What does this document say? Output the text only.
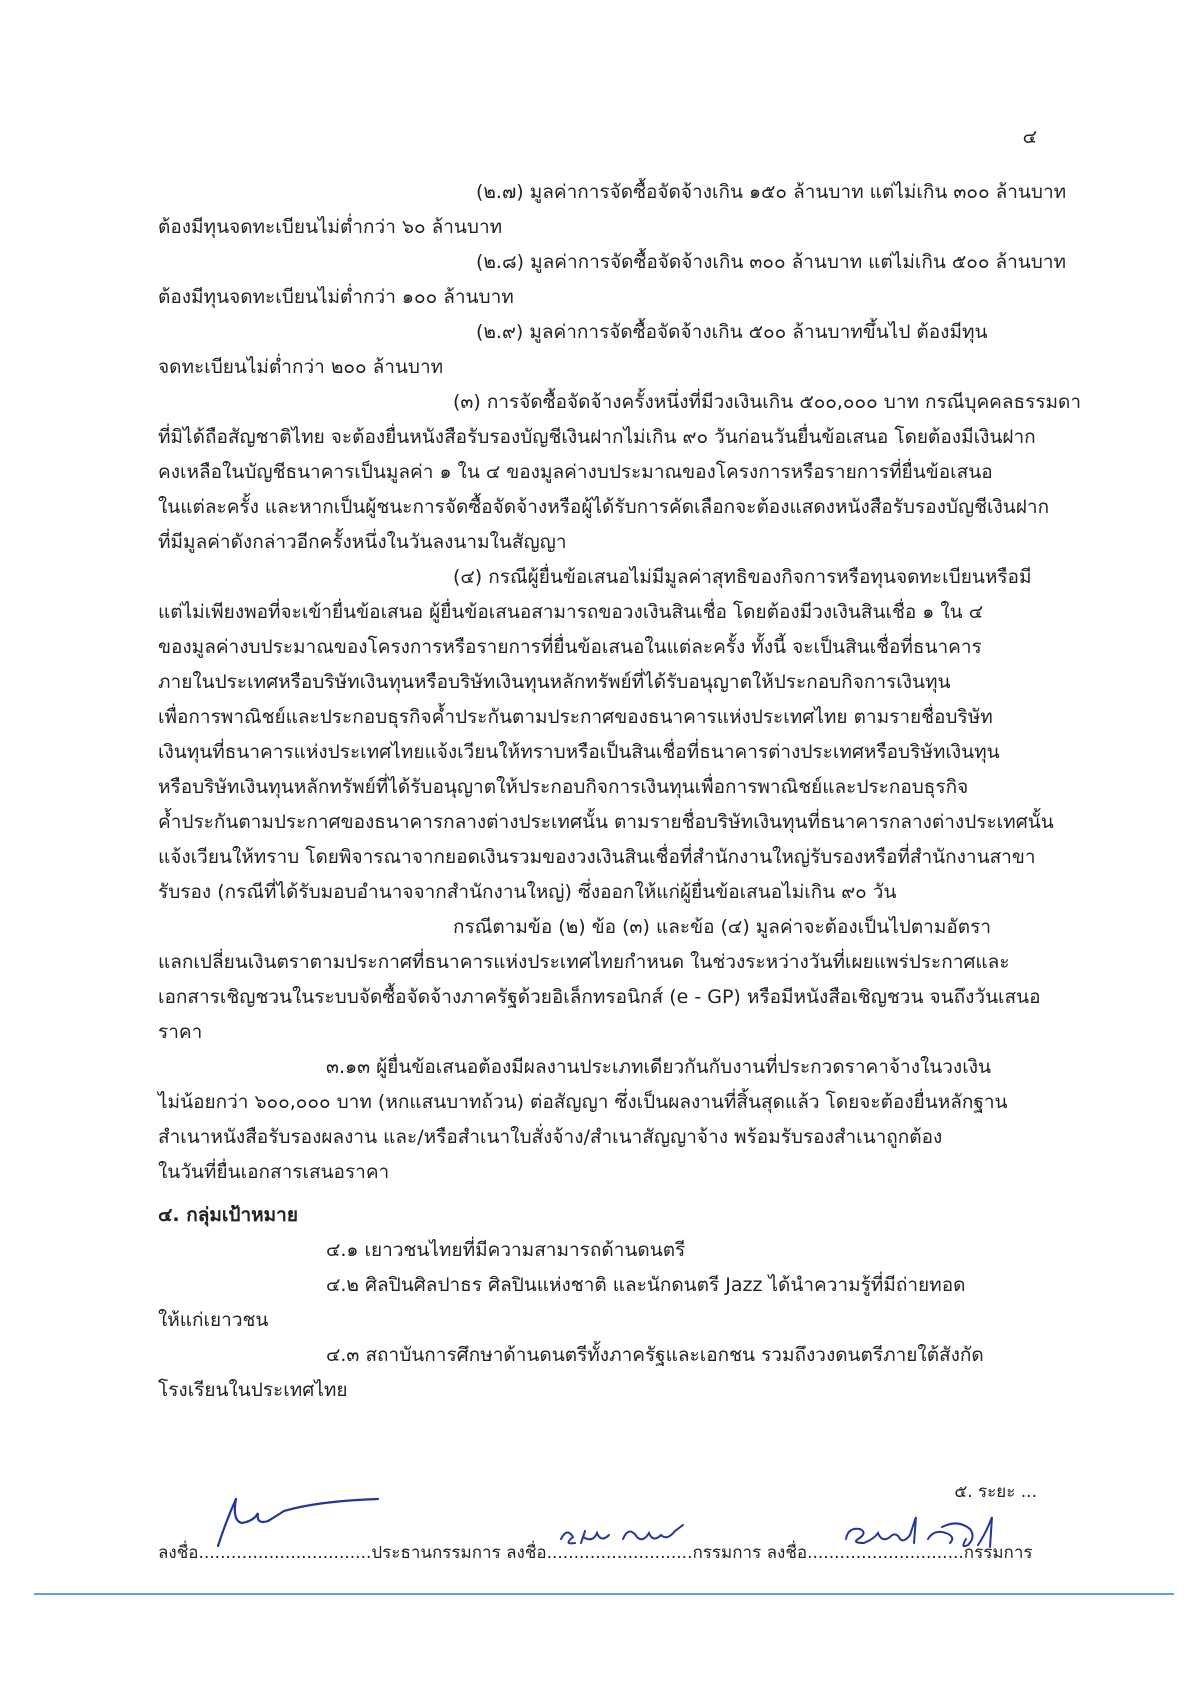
๔
(๒.๗) มูลค่าการจัดซื้อจัดจ้างเกิน ๑๕๐ ล้านบาท แต่ไม่เกิน ๓๐๐ ล้านบาท
ต้องมีทุนจดทะเบียนไม่ต่ำกว่า ๖๐ ล้านบาท
(๒.๘) มูลค่าการจัดซื้อจัดจ้างเกิน ๓๐๐ ล้านบาท แต่ไม่เกิน ๕๐๐ ล้านบาท
ต้องมีทุนจดทะเบียนไม่ต่ำกว่า ๑๐๐ ล้านบาท
(๒.๙) มูลค่าการจัดซื้อจัดจ้างเกิน ๕๐๐ ล้านบาทขึ้นไป ต้องมีทุน
จดทะเบียนไม่ต่ำกว่า ๒๐๐ ล้านบาท
(๓) การจัดซื้อจัดจ้างครั้งหนึ่งที่มีวงเงินเกิน ๕๐๐,๐๐๐ บาท กรณีบุคคลธรรมดา
ที่มิได้ถือสัญชาติไทย จะต้องยื่นหนังสือรับรองบัญชีเงินฝากไม่เกิน ๙๐ วันก่อนวันยื่นข้อเสนอ โดยต้องมีเงินฝาก
คงเหลือในบัญชีธนาคารเป็นมูลค่า ๑ ใน ๔ ของมูลค่างบประมาณของโครงการหรือรายการที่ยื่นข้อเสนอ
ในแต่ละครั้ง และหากเป็นผู้ชนะการจัดซื้อจัดจ้างหรือผู้ได้รับการคัดเลือกจะต้องแสดงหนังสือรับรองบัญชีเงินฝาก
ที่มีมูลค่าดังกล่าวอีกครั้งหนึ่งในวันลงนามในสัญญา
(๔) กรณีผู้ยื่นข้อเสนอไม่มีมูลค่าสุทธิของกิจการหรือทุนจดทะเบียนหรือมี
แต่ไม่เพียงพอที่จะเข้ายื่นข้อเสนอ ผู้ยื่นข้อเสนอสามารถขอวงเงินสินเชื่อ โดยต้องมีวงเงินสินเชื่อ ๑ ใน ๔
ของมูลค่างบประมาณของโครงการหรือรายการที่ยื่นข้อเสนอในแต่ละครั้ง ทั้งนี้ จะเป็นสินเชื่อที่ธนาคาร
ภายในประเทศหรือบริษัทเงินทุนหรือบริษัทเงินทุนหลักทรัพย์ที่ได้รับอนุญาตให้ประกอบกิจการเงินทุน
เพื่อการพาณิชย์และประกอบธุรกิจค้ำประกันตามประกาศของธนาคารแห่งประเทศไทย ตามรายชื่อบริษัท
เงินทุนที่ธนาคารแห่งประเทศไทยแจ้งเวียนให้ทราบหรือเป็นสินเชื่อที่ธนาคารต่างประเทศหรือบริษัทเงินทุน
หรือบริษัทเงินทุนหลักทรัพย์ที่ได้รับอนุญาตให้ประกอบกิจการเงินทุนเพื่อการพาณิชย์และประกอบธุรกิจ
ค้ำประกันตามประกาศของธนาคารกลางต่างประเทศนั้น ตามรายชื่อบริษัทเงินทุนที่ธนาคารกลางต่างประเทศนั้น
แจ้งเวียนให้ทราบ โดยพิจารณาจากยอดเงินรวมของวงเงินสินเชื่อที่สำนักงานใหญ่รับรองหรือที่สำนักงานสาขา
รับรอง (กรณีที่ได้รับมอบอำนาจจากสำนักงานใหญ่) ซึ่งออกให้แก่ผู้ยื่นข้อเสนอไม่เกิน ๙๐ วัน
กรณีตามข้อ (๒) ข้อ (๓) และข้อ (๔) มูลค่าจะต้องเป็นไปตามอัตรา
แลกเปลี่ยนเงินตราตามประกาศที่ธนาคารแห่งประเทศไทยกำหนด ในช่วงระหว่างวันที่เผยแพร่ประกาศและ
เอกสารเชิญชวนในระบบจัดซื้อจัดจ้างภาครัฐด้วยอิเล็กทรอนิกส์ (e - GP) หรือมีหนังสือเชิญชวน จนถึงวันเสนอ
ราคา
๓.๑๓ ผู้ยื่นข้อเสนอต้องมีผลงานประเภทเดียวกันกับงานที่ประกวดราคาจ้างในวงเงิน
ไม่น้อยกว่า ๖๐๐,๐๐๐ บาท (หกแสนบาทถ้วน) ต่อสัญญา ซึ่งเป็นผลงานที่สิ้นสุดแล้ว โดยจะต้องยื่นหลักฐาน
สำเนาหนังสือรับรองผลงาน และ/หรือสำเนาใบสั่งจ้าง/สำเนาสัญญาจ้าง พร้อมรับรองสำเนาถูกต้อง
ในวันที่ยื่นเอกสารเสนอราคา
๔. กลุ่มเป้าหมาย
๔.๑ เยาวชนไทยที่มีความสามารถด้านดนตรี
๔.๒ ศิลปินศิลปาธร ศิลปินแห่งชาติ และนักดนตรี Jazz ได้นำความรู้ที่มีถ่ายทอด
ให้แก่เยาวชน
๔.๓ สถาบันการศึกษาด้านดนตรีทั้งภาครัฐและเอกชน รวมถึงวงดนตรีภายใต้สังกัด
โรงเรียนในประเทศไทย
๕. ระยะ ...
ลงชื่อ................................ประธานกรรมการ ลงชื่อ...........................กรรมการ ลงชื่อ.............................กรรมการ
